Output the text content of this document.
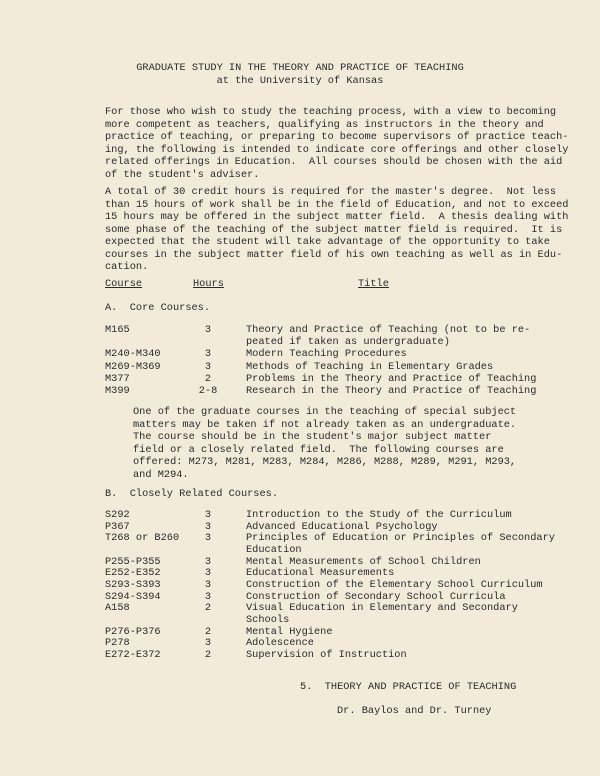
GRADUATE STUDY IN THE THEORY AND PRACTICE OF TEACHING
at the University of Kansas
For those who wish to study the teaching process, with a view to becoming
more competent as teachers, qualifying as instructors in the theory and
practice of teaching, or preparing to become supervisors of practice teach-
ing, the following is intended to indicate core offerings and other closely
related offerings in Education.  All courses should be chosen with the aid
of the student's adviser.
A total of 30 credit hours is required for the master's degree.  Not less
than 15 hours of work shall be in the field of Education, and not to exceed
15 hours may be offered in the subject matter field.  A thesis dealing with
some phase of the teaching of the subject matter field is required.  It is
expected that the student will take advantage of the opportunity to take
courses in the subject matter field of his own teaching as well as in Edu-
cation.
Course	Hours	Title
A.  Core Courses.
M165	3	Theory and Practice of Teaching (not to be re-
peated if taken as undergraduate)
M240-M340	3	Modern Teaching Procedures
M269-M369	3	Methods of Teaching in Elementary Grades
M377	2	Problems in the Theory and Practice of Teaching
M399	2-8	Research in the Theory and Practice of Teaching
One of the graduate courses in the teaching of special subject
matters may be taken if not already taken as an undergraduate.
The course should be in the student's major subject matter
field or a closely related field.  The following courses are
offered: M273, M281, M283, M284, M286, M288, M289, M291, M293,
and M294.
B.  Closely Related Courses.
S292	3	Introduction to the Study of the Curriculum
P367	3	Advanced Educational Psychology
T268 or B260	3	Principles of Education or Principles of Secondary
Education
P255-P355	3	Mental Measurements of School Children
E252-E352	3	Educational Measurements
S293-S393	3	Construction of the Elementary School Curriculum
S294-S394	3	Construction of Secondary School Curricula
A158	2	Visual Education in Elementary and Secondary
Schools
P276-P376	2	Mental Hygiene
P278	3	Adolescence
E272-E372	2	Supervision of Instruction
5.  THEORY AND PRACTICE OF TEACHING
Dr. Baylos and Dr. Turney
